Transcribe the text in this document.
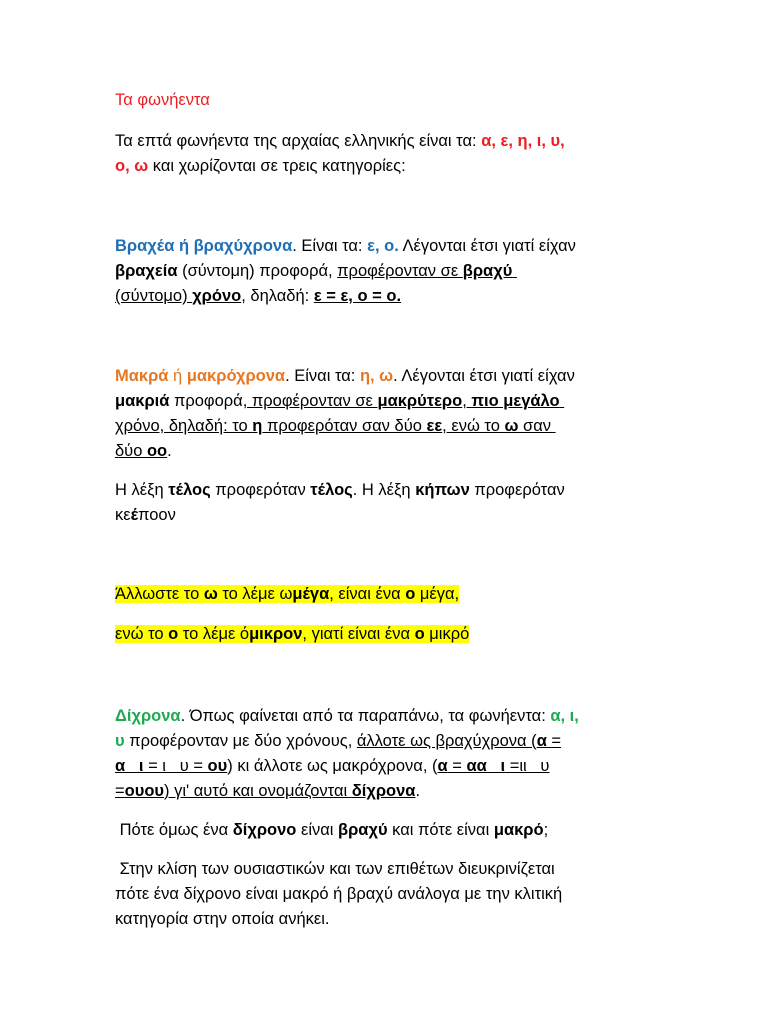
Τα φωνήεντα

Τα επτά φωνήεντα της αρχαίας ελληνικής είναι τα: α, ε, η, ι, υ,

ο, ω και χωρίζονται σε τρεις κατηγορίες:

Βραχέα ή βραχύχρονα. Είναι τα: ε, ο. Λέγονται έτσι γιατί είχαν

βραχεία (σύντομη) προφορά, προφέρονταν σε βραχύ

(σύντομο) χρόνο, δηλαδή: ε = ε, ο = ο.

Μακρά ή μακρόχρονα. Είναι τα: η, ω. Λέγονται έτσι γιατί είχαν

μακριά προφορά, προφέρονταν σε μακρύτερο, πιο μεγάλο

χρόνο, δηλαδή: το η προφερόταν σαν δύο εε, ενώ το ω σαν

δύο οο.

Η λέξη τέλος προφερόταν τέλος. Η λέξη κήπων προφερόταν

κεέποον

Άλλωστε το ω το λέμε ωμέγα, είναι ένα ο μέγα,

ενώ το ο το λέμε όμικρον, γιατί είναι ένα ο μικρό

Δίχρονα. Όπως φαίνεται από τα παραπάνω, τα φωνήεντα: α, ι,

υ προφέρονταν με δύο χρόνους, άλλοτε ως βραχύχρονα (α =

α   ι = ι   υ = ου) κι άλλοτε ως μακρόχρονα, (α = αα   ι =ιι   υ

=ουου) γι' αυτό και ονομάζονται δίχρονα.

Πότε όμως ένα δίχρονο είναι βραχύ και πότε είναι μακρό;

Στην κλίση των ουσιαστικών και των επιθέτων διευκρινίζεται

πότε ένα δίχρονο είναι μακρό ή βραχύ ανάλογα με την κλιτική

κατηγορία στην οποία ανήκει.
